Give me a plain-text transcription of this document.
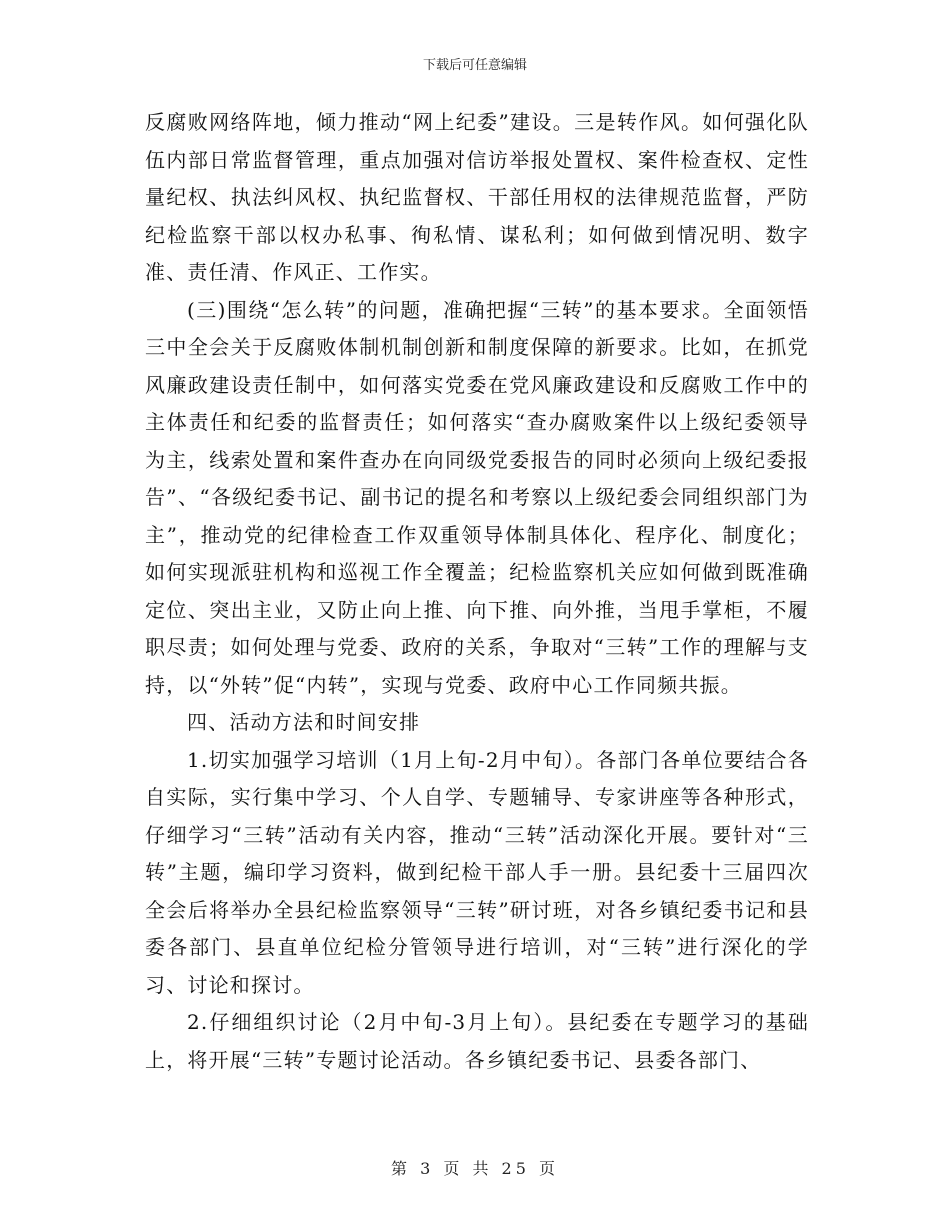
下载后可任意编辑

反腐败网络阵地，倾力推动“网上纪委”建设。三是转作风。如何强化队伍内部日常监督管理，重点加强对信访举报处置权、案件检查权、定性量纪权、执法纠风权、执纪监督权、干部任用权的法律规范监督，严防纪检监察干部以权办私事、徇私情、谋私利；如何做到情况明、数字准、责任清、作风正、工作实。

(三)围绕“怎么转”的问题，准确把握“三转”的基本要求。全面领悟三中全会关于反腐败体制机制创新和制度保障的新要求。比如，在抓党风廉政建设责任制中，如何落实党委在党风廉政建设和反腐败工作中的主体责任和纪委的监督责任；如何落实“查办腐败案件以上级纪委领导为主，线索处置和案件查办在向同级党委报告的同时必须向上级纪委报告”、“各级纪委书记、副书记的提名和考察以上级纪委会同组织部门为主”，推动党的纪律检查工作双重领导体制具体化、程序化、制度化；如何实现派驻机构和巡视工作全覆盖；纪检监察机关应如何做到既准确定位、突出主业，又防止向上推、向下推、向外推，当甩手掌柜，不履职尽责；如何处理与党委、政府的关系，争取对“三转”工作的理解与支持，以“外转”促“内转”，实现与党委、政府中心工作同频共振。

四、活动方法和时间安排

1.切实加强学习培训（1月上旬-2月中旬）。各部门各单位要结合各自实际，实行集中学习、个人自学、专题辅导、专家讲座等各种形式，仔细学习“三转”活动有关内容，推动“三转”活动深化开展。要针对“三转”主题，编印学习资料，做到纪检干部人手一册。县纪委十三届四次全会后将举办全县纪检监察领导“三转”研讨班，对各乡镇纪委书记和县委各部门、县直单位纪检分管领导进行培训，对“三转”进行深化的学习、讨论和探讨。

2.仔细组织讨论（2月中旬-3月上旬）。县纪委在专题学习的基础上，将开展“三转”专题讨论活动。各乡镇纪委书记、县委各部门、

第 3 页 共 25 页
